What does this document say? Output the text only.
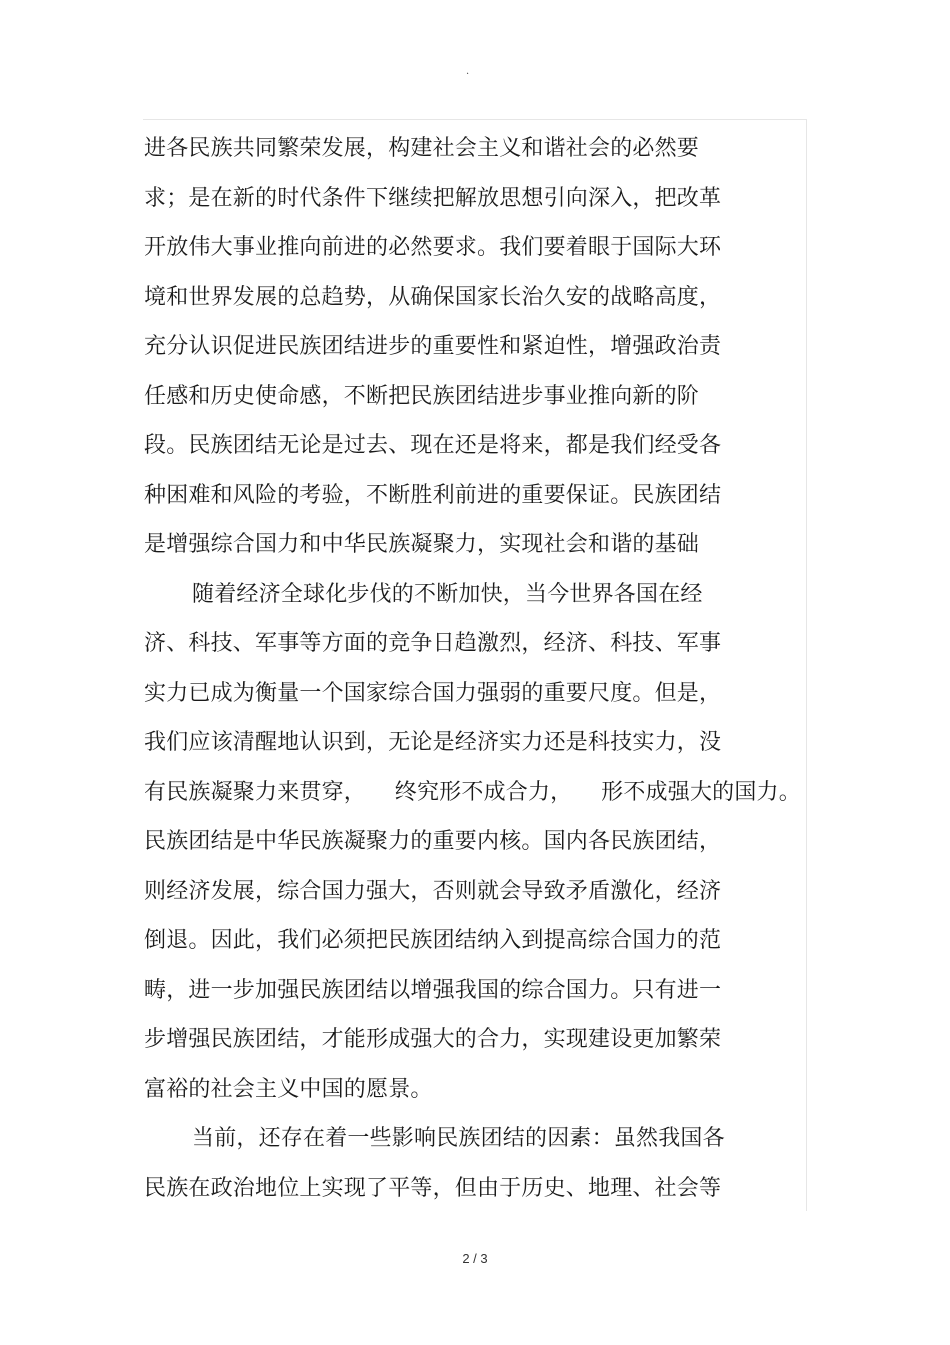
·
进各民族共同繁荣发展，构建社会主义和谐社会的必然要
求；是在新的时代条件下继续把解放思想引向深入，把改革
开放伟大事业推向前进的必然要求。我们要着眼于国际大环
境和世界发展的总趋势，从确保国家长治久安的战略高度，
充分认识促进民族团结进步的重要性和紧迫性，增强政治责
任感和历史使命感，不断把民族团结进步事业推向新的阶
段。民族团结无论是过去、现在还是将来，都是我们经受各
种困难和风险的考验，不断胜利前进的重要保证。民族团结
是增强综合国力和中华民族凝聚力，实现社会和谐的基础
随着经济全球化步伐的不断加快，当今世界各国在经
济、科技、军事等方面的竞争日趋激烈，经济、科技、军事
实力已成为衡量一个国家综合国力强弱的重要尺度。但是，
我们应该清醒地认识到，无论是经济实力还是科技实力，没
有民族凝聚力来贯穿，    终究形不成合力，    形不成强大的国力。
民族团结是中华民族凝聚力的重要内核。国内各民族团结，
则经济发展，综合国力强大，否则就会导致矛盾激化，经济
倒退。因此，我们必须把民族团结纳入到提高综合国力的范
畴，进一步加强民族团结以增强我国的综合国力。只有进一
步增强民族团结，才能形成强大的合力，实现建设更加繁荣
富裕的社会主义中国的愿景。
当前，还存在着一些影响民族团结的因素：虽然我国各
民族在政治地位上实现了平等，但由于历史、地理、社会等
2 / 3
